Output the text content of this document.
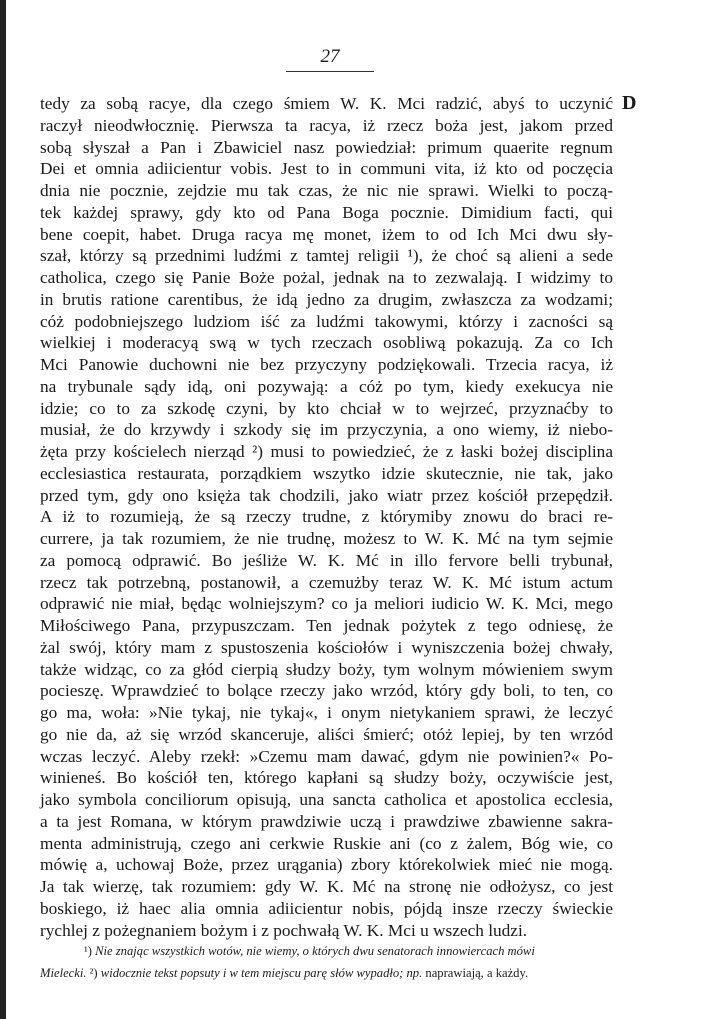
27
D
tedy za sobą racye, dla czego śmiem W. K. Mci radzić, abyś to uczynić
raczył nieodwłocznię. Pierwsza ta racya, iż rzecz boża jest, jakom przed
sobą słyszał a Pan i Zbawiciel nasz powiedział: primum quaerite regnum
Dei et omnia adiicientur vobis. Jest to in communi vita, iż kto od poczęcia
dnia nie pocznie, zejdzie mu tak czas, że nic nie sprawi. Wielki to począ-
tek każdej sprawy, gdy kto od Pana Boga pocznie. Dimidium facti, qui
bene coepit, habet. Druga racya mę monet, iżem to od Ich Mci dwu sły-
szał, którzy są przednimi ludźmi z tamtej religii ¹), że choć są alieni a sede
catholica, czego się Panie Boże pożal, jednak na to zezwalają. I widzimy to
in brutis ratione carentibus, że idą jedno za drugim, zwłaszcza za wodzami;
cóż podobniejszego ludziom iść za ludźmi takowymi, którzy i zacności są
wielkiej i moderacyą swą w tych rzeczach osobliwą pokazują. Za co Ich
Mci Panowie duchowni nie bez przyczyny podziękowali. Trzecia racya, iż
na trybunale sądy idą, oni pozywają: a cóż po tym, kiedy exekucya nie
idzie; co to za szkodę czyni, by kto chciał w to wejrzeć, przyznaćby to
musiał, że do krzywdy i szkody się im przyczynia, a ono wiemy, iż niebo-
żęta przy kościelech nierząd ²) musi to powiedzieć, że z łaski bożej disciplina
ecclesiastica restaurata, porządkiem wszytko idzie skutecznie, nie tak, jako
przed tym, gdy ono księża tak chodzili, jako wiatr przez kościół przepędził.
A iż to rozumieją, że są rzeczy trudne, z którymiby znowu do braci re-
currere, ja tak rozumiem, że nie trudnę, możesz to W. K. Mć na tym sejmie
za pomocą odprawić. Bo jeśliże W. K. Mć in illo fervore belli trybunał,
rzecz tak potrzebną, postanowił, a czemużby teraz W. K. Mć istum actum
odprawić nie miał, będąc wolniejszym? co ja meliori iudicio W. K. Mci, mego
Miłościwego Pana, przypuszczam. Ten jednak pożytek z tego odniesę, że
żal swój, który mam z spustoszenia kościołów i wyniszczenia bożej chwały,
także widząc, co za głód cierpią słudzy boży, tym wolnym mówieniem swym
pocieszę. Wprawdzieć to bolące rzeczy jako wrzód, który gdy boli, to ten, co
go ma, woła: »Nie tykaj, nie tykaj«, i onym nietykaniem sprawi, że leczyć
go nie da, aż się wrzód skanceruje, aliści śmierć; otóż lepiej, by ten wrzód
wczas leczyć. Aleby rzekł: »Czemu mam dawać, gdym nie powinien?« Po-
winieneś. Bo kościół ten, którego kapłani są słudzy boży, oczywiście jest,
jako symbola conciliorum opisują, una sancta catholica et apostolica ecclesia,
a ta jest Romana, w którym prawdziwie uczą i prawdziwe zbawienne sakra-
menta administrują, czego ani cerkwie Ruskie ani (co z żalem, Bóg wie, co
mówię a, uchowaj Boże, przez urągania) zbory którekolwiek mieć nie mogą.
Ja tak wierzę, tak rozumiem: gdy W. K. Mć na stronę nie odłożysz, co jest
boskiego, iż haec alia omnia adiicientur nobis, pójdą insze rzeczy świeckie
rychlej z pożegnaniem bożym i z pochwałą W. K. Mci u wszech ludzi.
¹) Nie znając wszystkich wotów, nie wiemy, o których dwu senatorach innowiercach mówi
Mielecki. ²) widocznie tekst popsuty i w tem miejscu parę słów wypadło; np. naprawiają, a każdy.
